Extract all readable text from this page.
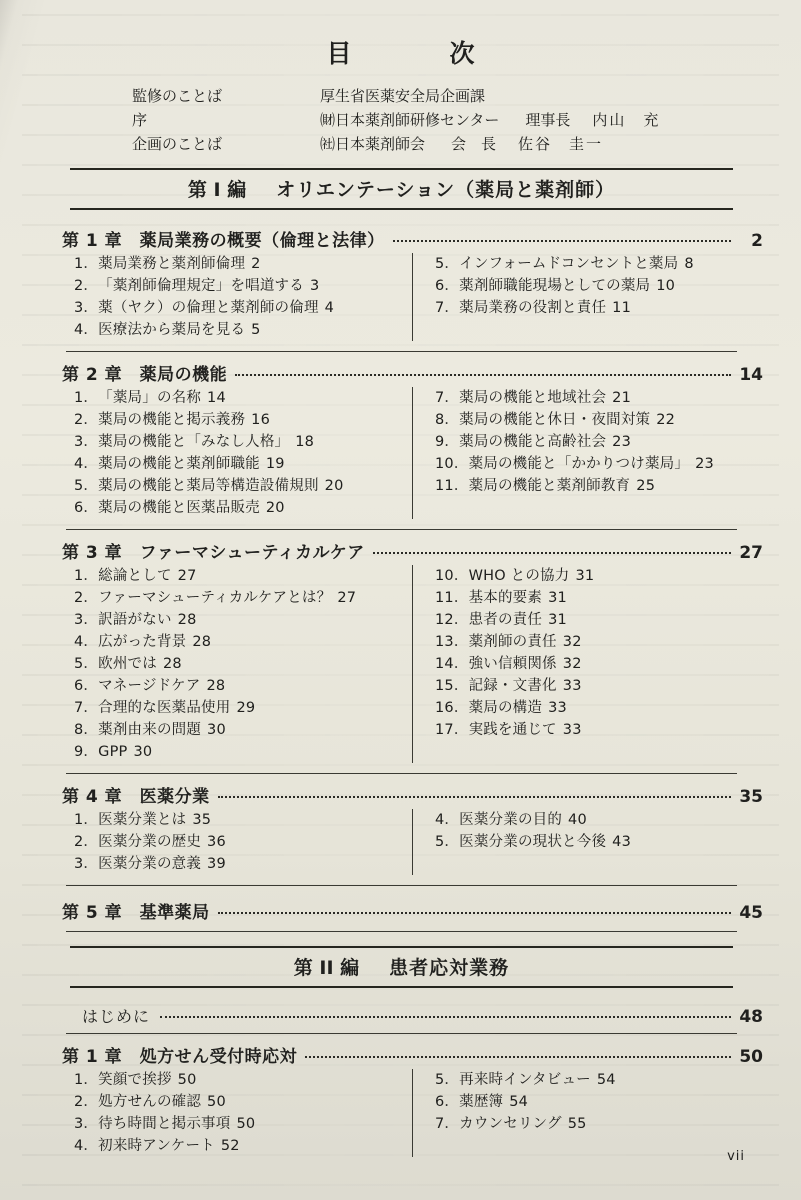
目　　次
監修のことば	厚生省医薬安全局企画課
序	㈶日本薬剤師研修センター 理事長 内山　充
企画のことば	㈳日本薬剤師会 会　長 佐谷　圭一
第 I 編 オリエンテーション（薬局と薬剤師）
第 1 章　薬局業務の概要（倫理と法律）	2
1．薬局業務と薬剤師倫理 2
2．「薬剤師倫理規定」を唱道する 3
3．薬（ヤク）の倫理と薬剤師の倫理 4
4．医療法から薬局を見る 5
5．インフォームドコンセントと薬局 8
6．薬剤師職能現場としての薬局 10
7．薬局業務の役割と責任 11
第 2 章　薬局の機能	14
1．「薬局」の名称 14
2．薬局の機能と掲示義務 16
3．薬局の機能と「みなし人格」 18
4．薬局の機能と薬剤師職能 19
5．薬局の機能と薬局等構造設備規則 20
6．薬局の機能と医薬品販売 20
7．薬局の機能と地域社会 21
8．薬局の機能と休日・夜間対策 22
9．薬局の機能と高齢社会 23
10．薬局の機能と「かかりつけ薬局」 23
11．薬局の機能と薬剤師教育 25
第 3 章　ファーマシューティカルケア	27
1．総論として 27
2．ファーマシューティカルケアとは？ 27
3．訳語がない 28
4．広がった背景 28
5．欧州では 28
6．マネージドケア 28
7．合理的な医薬品使用 29
8．薬剤由来の問題 30
9．GPP 30
10．WHO との協力 31
11．基本的要素 31
12．患者の責任 31
13．薬剤師の責任 32
14．強い信頼関係 32
15．記録・文書化 33
16．薬局の構造 33
17．実践を通じて 33
第 4 章　医薬分業	35
1．医薬分業とは 35
2．医薬分業の歴史 36
3．医薬分業の意義 39
4．医薬分業の目的 40
5．医薬分業の現状と今後 43
第 5 章　基準薬局	45
第 II 編 患者応対業務
はじめに	48
第 1 章　処方せん受付時応対	50
1．笑顔で挨拶 50
2．処方せんの確認 50
3．待ち時間と掲示事項 50
4．初来時アンケート 52
5．再来時インタビュー 54
6．薬歴簿 54
7．カウンセリング 55
vii
